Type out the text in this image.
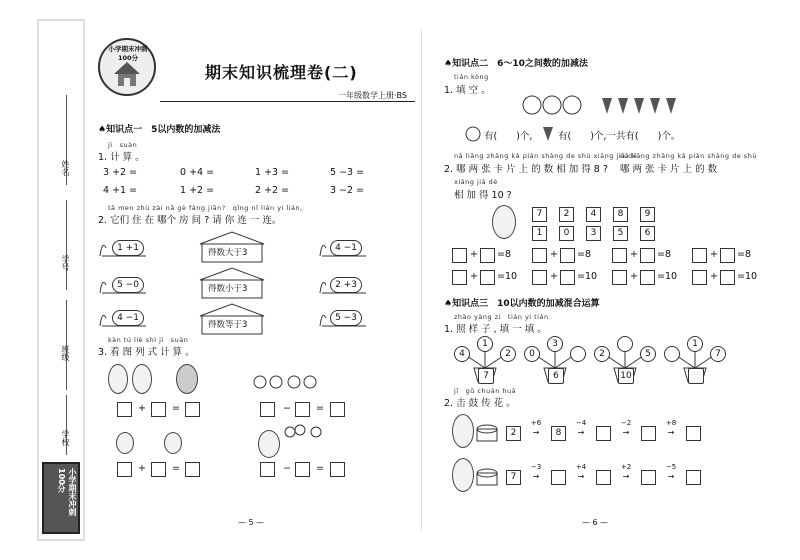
姓名
学号
班级
学校
小学期末冲刺100分
小学期末冲刺100分
期末知识梳理卷(二)
一年级数学上册·BS
♠知识点一　5以内数的加减法
jì　suàn
1. 计 算 。
3 +2 =	0 +4 =	1 +3 =	5 −3 =
4 +1 =	1 +2 =	2 +2 =	3 −2 =
tā men zhù zài nǎ gè fáng jiān?　qǐng nǐ lián yi lián。
2. 它们 住 在 哪个 房 间 ? 请 你 连 一 连。
1 +1
5 −0
4 −1
得数大于3
得数小于3
得数等于3
4 −1
2 +3
5 −3
kàn tú liè shì jì　suàn
3. 看 图 列 式 计 算 。
+	=	−	=
+	=	−	=
— 5 —
♠知识点二　6～10之间数的加减法
tián kòng
1. 填 空 。
有(　　)个,	有(　　)个,一共有(　　)个。
nǎ liǎng zhāng kǎ piàn shàng de shù xiāng jiā dé
2. 哪 两 张 卡 片 上 的 数 相 加 得 8 ?
nǎ liǎng zhāng kǎ piàn shàng de shù
哪 两 张 卡 片 上 的 数
xiāng jiā dé
相 加 得 10 ?
7	2	4	8	9
1	0	3	5	6
+ =8	+ =8	+ =8	+ =8
+ =10	+ =10	+ =10	+ =10
♠知识点三　10以内数的加减混合运算
zhào yàng zi　tián yi tián
1. 照 样 子 , 填 一 填 。
4
1
2
7
0
3
6
2	5
10
1
7
jī　gǔ chuán huā
2. 击 鼓 传 花 。
2
+6
→	8
−4
→
−2
→
+8
→
7
−3
→
+4
→
+2
→
−5
→
— 6 —
